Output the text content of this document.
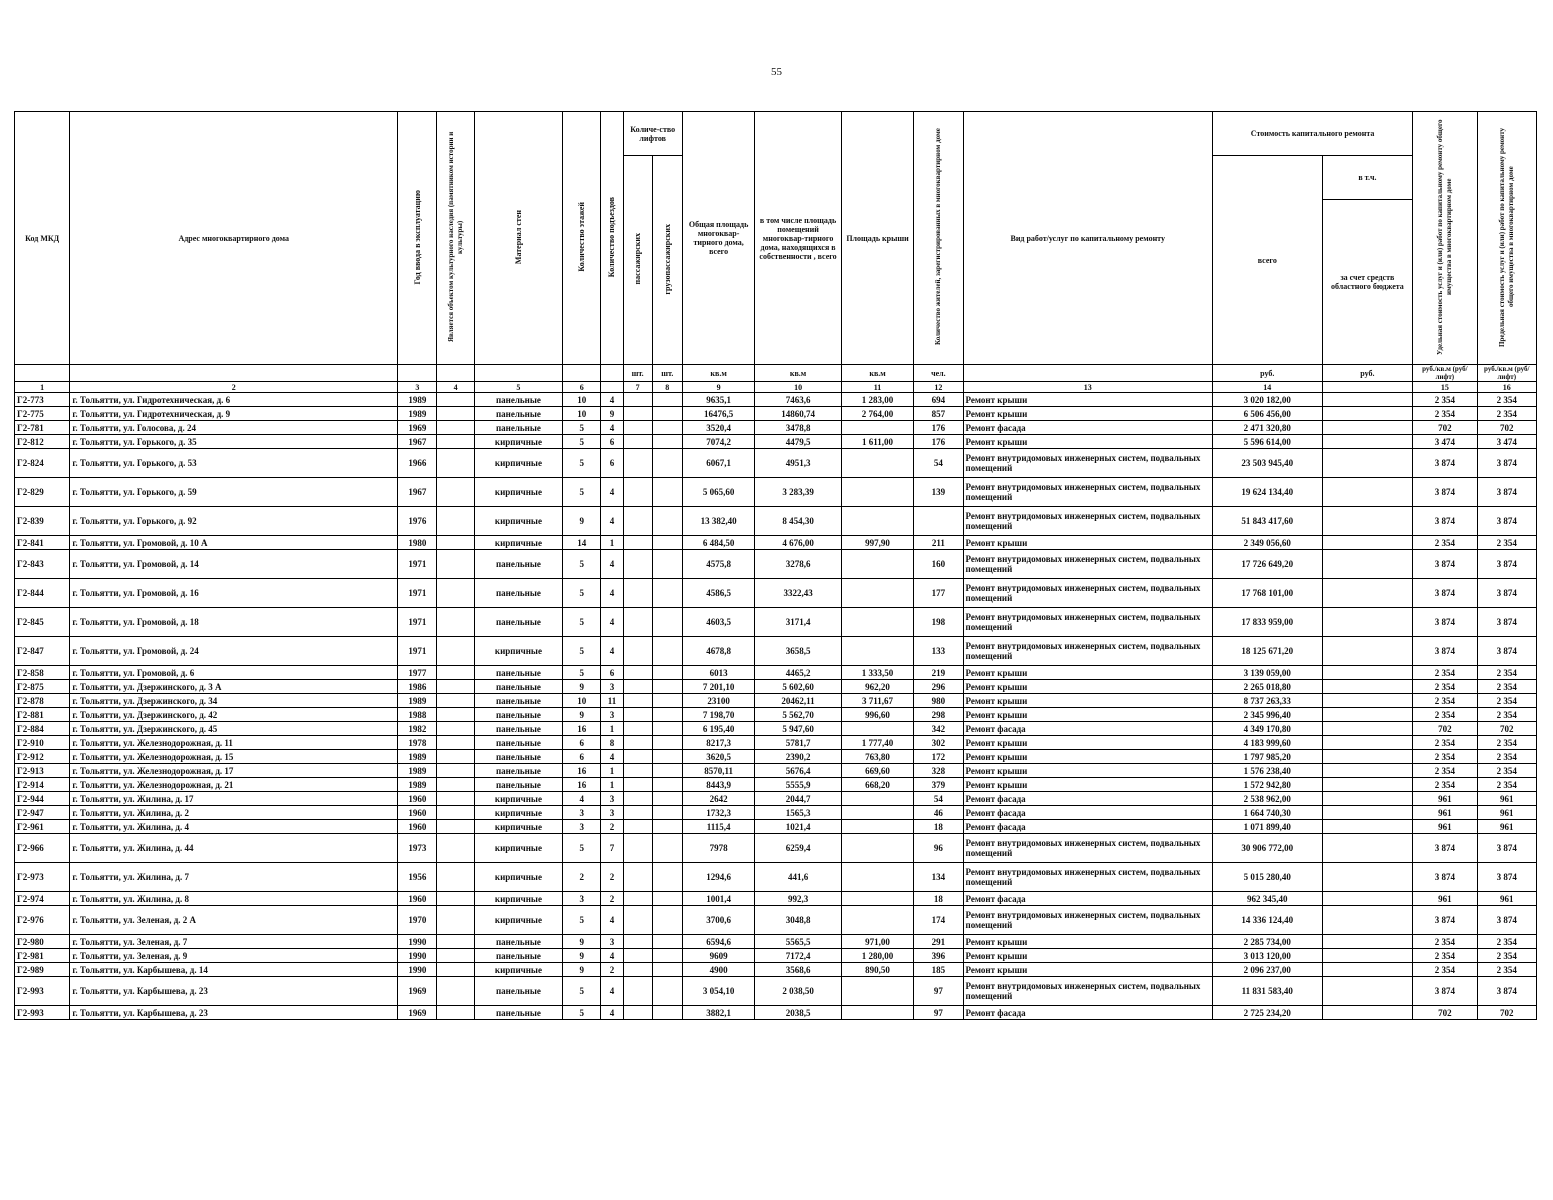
55
Код МКД	Адрес многоквартирного дома	Год ввода в эксплуатацию	Является объектом культурного наследия (памятником истории и культуры)	Материал стен	Количество этажей	Количество подъездов	Количе-ство лифтов		Общая площадь многоквар-тирного дома, всего	в том числе площадь помещений многоквар-тирного дома, находящихся в собственности , всего	Площадь крыши	Количество жителей, зарегистрированных в многоквартирном доме	Вид работ/услуг по капитальному ремонту	Стоимость капитального ремонта		Удельная стоимость услуг и (или) работ по капитальному ремонту общего имущества в многоквартирном доме	Предельная стоимость услуг и (или) работ по капитальному ремонту общего имущества в многоквартирном доме
							пассажирских	грузопассажирских						всего	в т.ч.		
															за счет средств областного бюджета		
							шт.	шт.	кв.м	кв.м	кв.м	чел.		руб.	руб.	руб./кв.м (руб/лифт)	руб./кв.м (руб/лифт)
1	2	3	4	5	6		7	8	9	10	11	12	13	14		15	16
Г2-773	г. Тольятти, ул. Гидротехническая, д. 6	1989		панельные	10	4			9635,1	7463,6	1 283,00	694	Ремонт крыши	3 020 182,00		2 354	2 354
Г2-775	г. Тольятти, ул. Гидротехническая, д. 9	1989		панельные	10	9			16476,5	14860,74	2 764,00	857	Ремонт крыши	6 506 456,00		2 354	2 354
Г2-781	г. Тольятти, ул. Голосова, д. 24	1969		панельные	5	4			3520,4	3478,8		176	Ремонт фасада	2 471 320,80		702	702
Г2-812	г. Тольятти, ул. Горького, д. 35	1967		кирпичные	5	6			7074,2	4479,5	1 611,00	176	Ремонт крыши	5 596 614,00		3 474	3 474
Г2-824	г. Тольятти, ул. Горького, д. 53	1966		кирпичные	5	6			6067,1	4951,3		54	Ремонт внутридомовых инженерных систем, подвальных помещений	23 503 945,40		3 874	3 874
Г2-829	г. Тольятти, ул. Горького, д. 59	1967		кирпичные	5	4			5 065,60	3 283,39		139	Ремонт внутридомовых инженерных систем, подвальных помещений	19 624 134,40		3 874	3 874
Г2-839	г. Тольятти, ул. Горького, д. 92	1976		кирпичные	9	4			13 382,40	8 454,30			Ремонт внутридомовых инженерных систем, подвальных помещений	51 843 417,60		3 874	3 874
Г2-841	г. Тольятти, ул. Громовой, д. 10 А	1980		кирпичные	14	1			6 484,50	4 676,00	997,90	211	Ремонт крыши	2 349 056,60		2 354	2 354
Г2-843	г. Тольятти, ул. Громовой, д. 14	1971		панельные	5	4			4575,8	3278,6		160	Ремонт внутридомовых инженерных систем, подвальных помещений	17 726 649,20		3 874	3 874
Г2-844	г. Тольятти, ул. Громовой, д. 16	1971		панельные	5	4			4586,5	3322,43		177	Ремонт внутридомовых инженерных систем, подвальных помещений	17 768 101,00		3 874	3 874
Г2-845	г. Тольятти, ул. Громовой, д. 18	1971		панельные	5	4			4603,5	3171,4		198	Ремонт внутридомовых инженерных систем, подвальных помещений	17 833 959,00		3 874	3 874
Г2-847	г. Тольятти, ул. Громовой, д. 24	1971		кирпичные	5	4			4678,8	3658,5		133	Ремонт внутридомовых инженерных систем, подвальных помещений	18 125 671,20		3 874	3 874
Г2-858	г. Тольятти, ул. Громовой, д. 6	1977		панельные	5	6			6013	4465,2	1 333,50	219	Ремонт крыши	3 139 059,00		2 354	2 354
Г2-875	г. Тольятти, ул. Дзержинского, д. 3 А	1986		панельные	9	3			7 201,10	5 602,60	962,20	296	Ремонт крыши	2 265 018,80		2 354	2 354
Г2-878	г. Тольятти, ул. Дзержинского, д. 34	1989		панельные	10	11			23100	20462,11	3 711,67	980	Ремонт крыши	8 737 263,33		2 354	2 354
Г2-881	г. Тольятти, ул. Дзержинского, д. 42	1988		панельные	9	3			7 198,70	5 562,70	996,60	298	Ремонт крыши	2 345 996,40		2 354	2 354
Г2-884	г. Тольятти, ул. Дзержинского, д. 45	1982		панельные	16	1			6 195,40	5 947,60		342	Ремонт фасада	4 349 170,80		702	702
Г2-910	г. Тольятти, ул. Железнодорожная, д. 11	1978		панельные	6	8			8217,3	5781,7	1 777,40	302	Ремонт крыши	4 183 999,60		2 354	2 354
Г2-912	г. Тольятти, ул. Железнодорожная, д. 15	1989		панельные	6	4			3620,5	2390,2	763,80	172	Ремонт крыши	1 797 985,20		2 354	2 354
Г2-913	г. Тольятти, ул. Железнодорожная, д. 17	1989		панельные	16	1			8570,11	5676,4	669,60	328	Ремонт крыши	1 576 238,40		2 354	2 354
Г2-914	г. Тольятти, ул. Железнодорожная, д. 21	1989		панельные	16	1			8443,9	5555,9	668,20	379	Ремонт крыши	1 572 942,80		2 354	2 354
Г2-944	г. Тольятти, ул. Жилина, д. 17	1960		кирпичные	4	3			2642	2044,7		54	Ремонт фасада	2 538 962,00		961	961
Г2-947	г. Тольятти, ул. Жилина, д. 2	1960		кирпичные	3	3			1732,3	1565,3		46	Ремонт фасада	1 664 740,30		961	961
Г2-961	г. Тольятти, ул. Жилина, д. 4	1960		кирпичные	3	2			1115,4	1021,4		18	Ремонт фасада	1 071 899,40		961	961
Г2-966	г. Тольятти, ул. Жилина, д. 44	1973		кирпичные	5	7			7978	6259,4		96	Ремонт внутридомовых инженерных систем, подвальных помещений	30 906 772,00		3 874	3 874
Г2-973	г. Тольятти, ул. Жилина, д. 7	1956		кирпичные	2	2			1294,6	441,6		134	Ремонт внутридомовых инженерных систем, подвальных помещений	5 015 280,40		3 874	3 874
Г2-974	г. Тольятти, ул. Жилина, д. 8	1960		кирпичные	3	2			1001,4	992,3		18	Ремонт фасада	962 345,40		961	961
Г2-976	г. Тольятти, ул. Зеленая, д. 2 А	1970		кирпичные	5	4			3700,6	3048,8		174	Ремонт внутридомовых инженерных систем, подвальных помещений	14 336 124,40		3 874	3 874
Г2-980	г. Тольятти, ул. Зеленая, д. 7	1990		панельные	9	3			6594,6	5565,5	971,00	291	Ремонт крыши	2 285 734,00		2 354	2 354
Г2-981	г. Тольятти, ул. Зеленая, д. 9	1990		панельные	9	4			9609	7172,4	1 280,00	396	Ремонт крыши	3 013 120,00		2 354	2 354
Г2-989	г. Тольятти, ул. Карбышева, д. 14	1990		кирпичные	9	2			4900	3568,6	890,50	185	Ремонт крыши	2 096 237,00		2 354	2 354
Г2-993	г. Тольятти, ул. Карбышева, д. 23	1969		панельные	5	4			3 054,10	2 038,50		97	Ремонт внутридомовых инженерных систем, подвальных помещений	11 831 583,40		3 874	3 874
Г2-993	г. Тольятти, ул. Карбышева, д. 23	1969		панельные	5	4			3882,1	2038,5		97	Ремонт фасада	2 725 234,20		702	702
